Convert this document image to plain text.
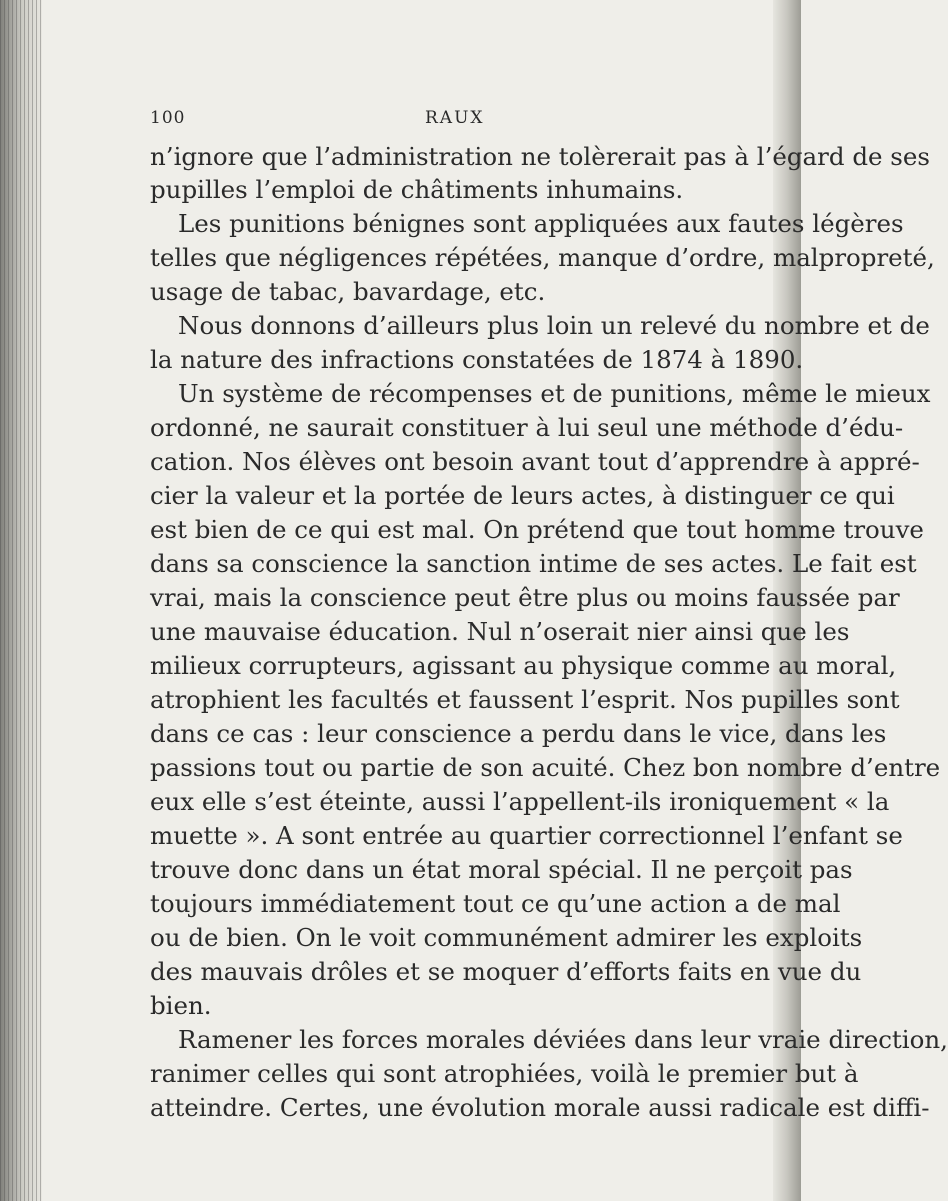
100	RAUX
n’ignore que l’administration ne tolèrerait pas à l’égard de ses
pupilles l’emploi de châtiments inhumains.
Les punitions bénignes sont appliquées aux fautes légères
telles que négligences répétées, manque d’ordre, malpropreté,
usage de tabac, bavardage, etc.
Nous donnons d’ailleurs plus loin un relevé du nombre et de
la nature des infractions constatées de 1874 à 1890.
Un système de récompenses et de punitions, même le mieux
ordonné, ne saurait constituer à lui seul une méthode d’édu-
cation. Nos élèves ont besoin avant tout d’apprendre à appré-
cier la valeur et la portée de leurs actes, à distinguer ce qui
est bien de ce qui est mal. On prétend que tout homme trouve
dans sa conscience la sanction intime de ses actes. Le fait est
vrai, mais la conscience peut être plus ou moins faussée par
une mauvaise éducation. Nul n’oserait nier ainsi que les
milieux corrupteurs, agissant au physique comme au moral,
atrophient les facultés et faussent l’esprit. Nos pupilles sont
dans ce cas : leur conscience a perdu dans le vice, dans les
passions tout ou partie de son acuité. Chez bon nombre d’entre
eux elle s’est éteinte, aussi l’appellent-ils ironiquement « la
muette ». A sont entrée au quartier correctionnel l’enfant se
trouve donc dans un état moral spécial. Il ne perçoit pas
toujours immédiatement tout ce qu’une action a de mal
ou de bien. On le voit communément admirer les exploits
des mauvais drôles et se moquer d’efforts faits en vue du
bien.
Ramener les forces morales déviées dans leur vraie direction,
ranimer celles qui sont atrophiées, voilà le premier but à
atteindre. Certes, une évolution morale aussi radicale est diffi-
